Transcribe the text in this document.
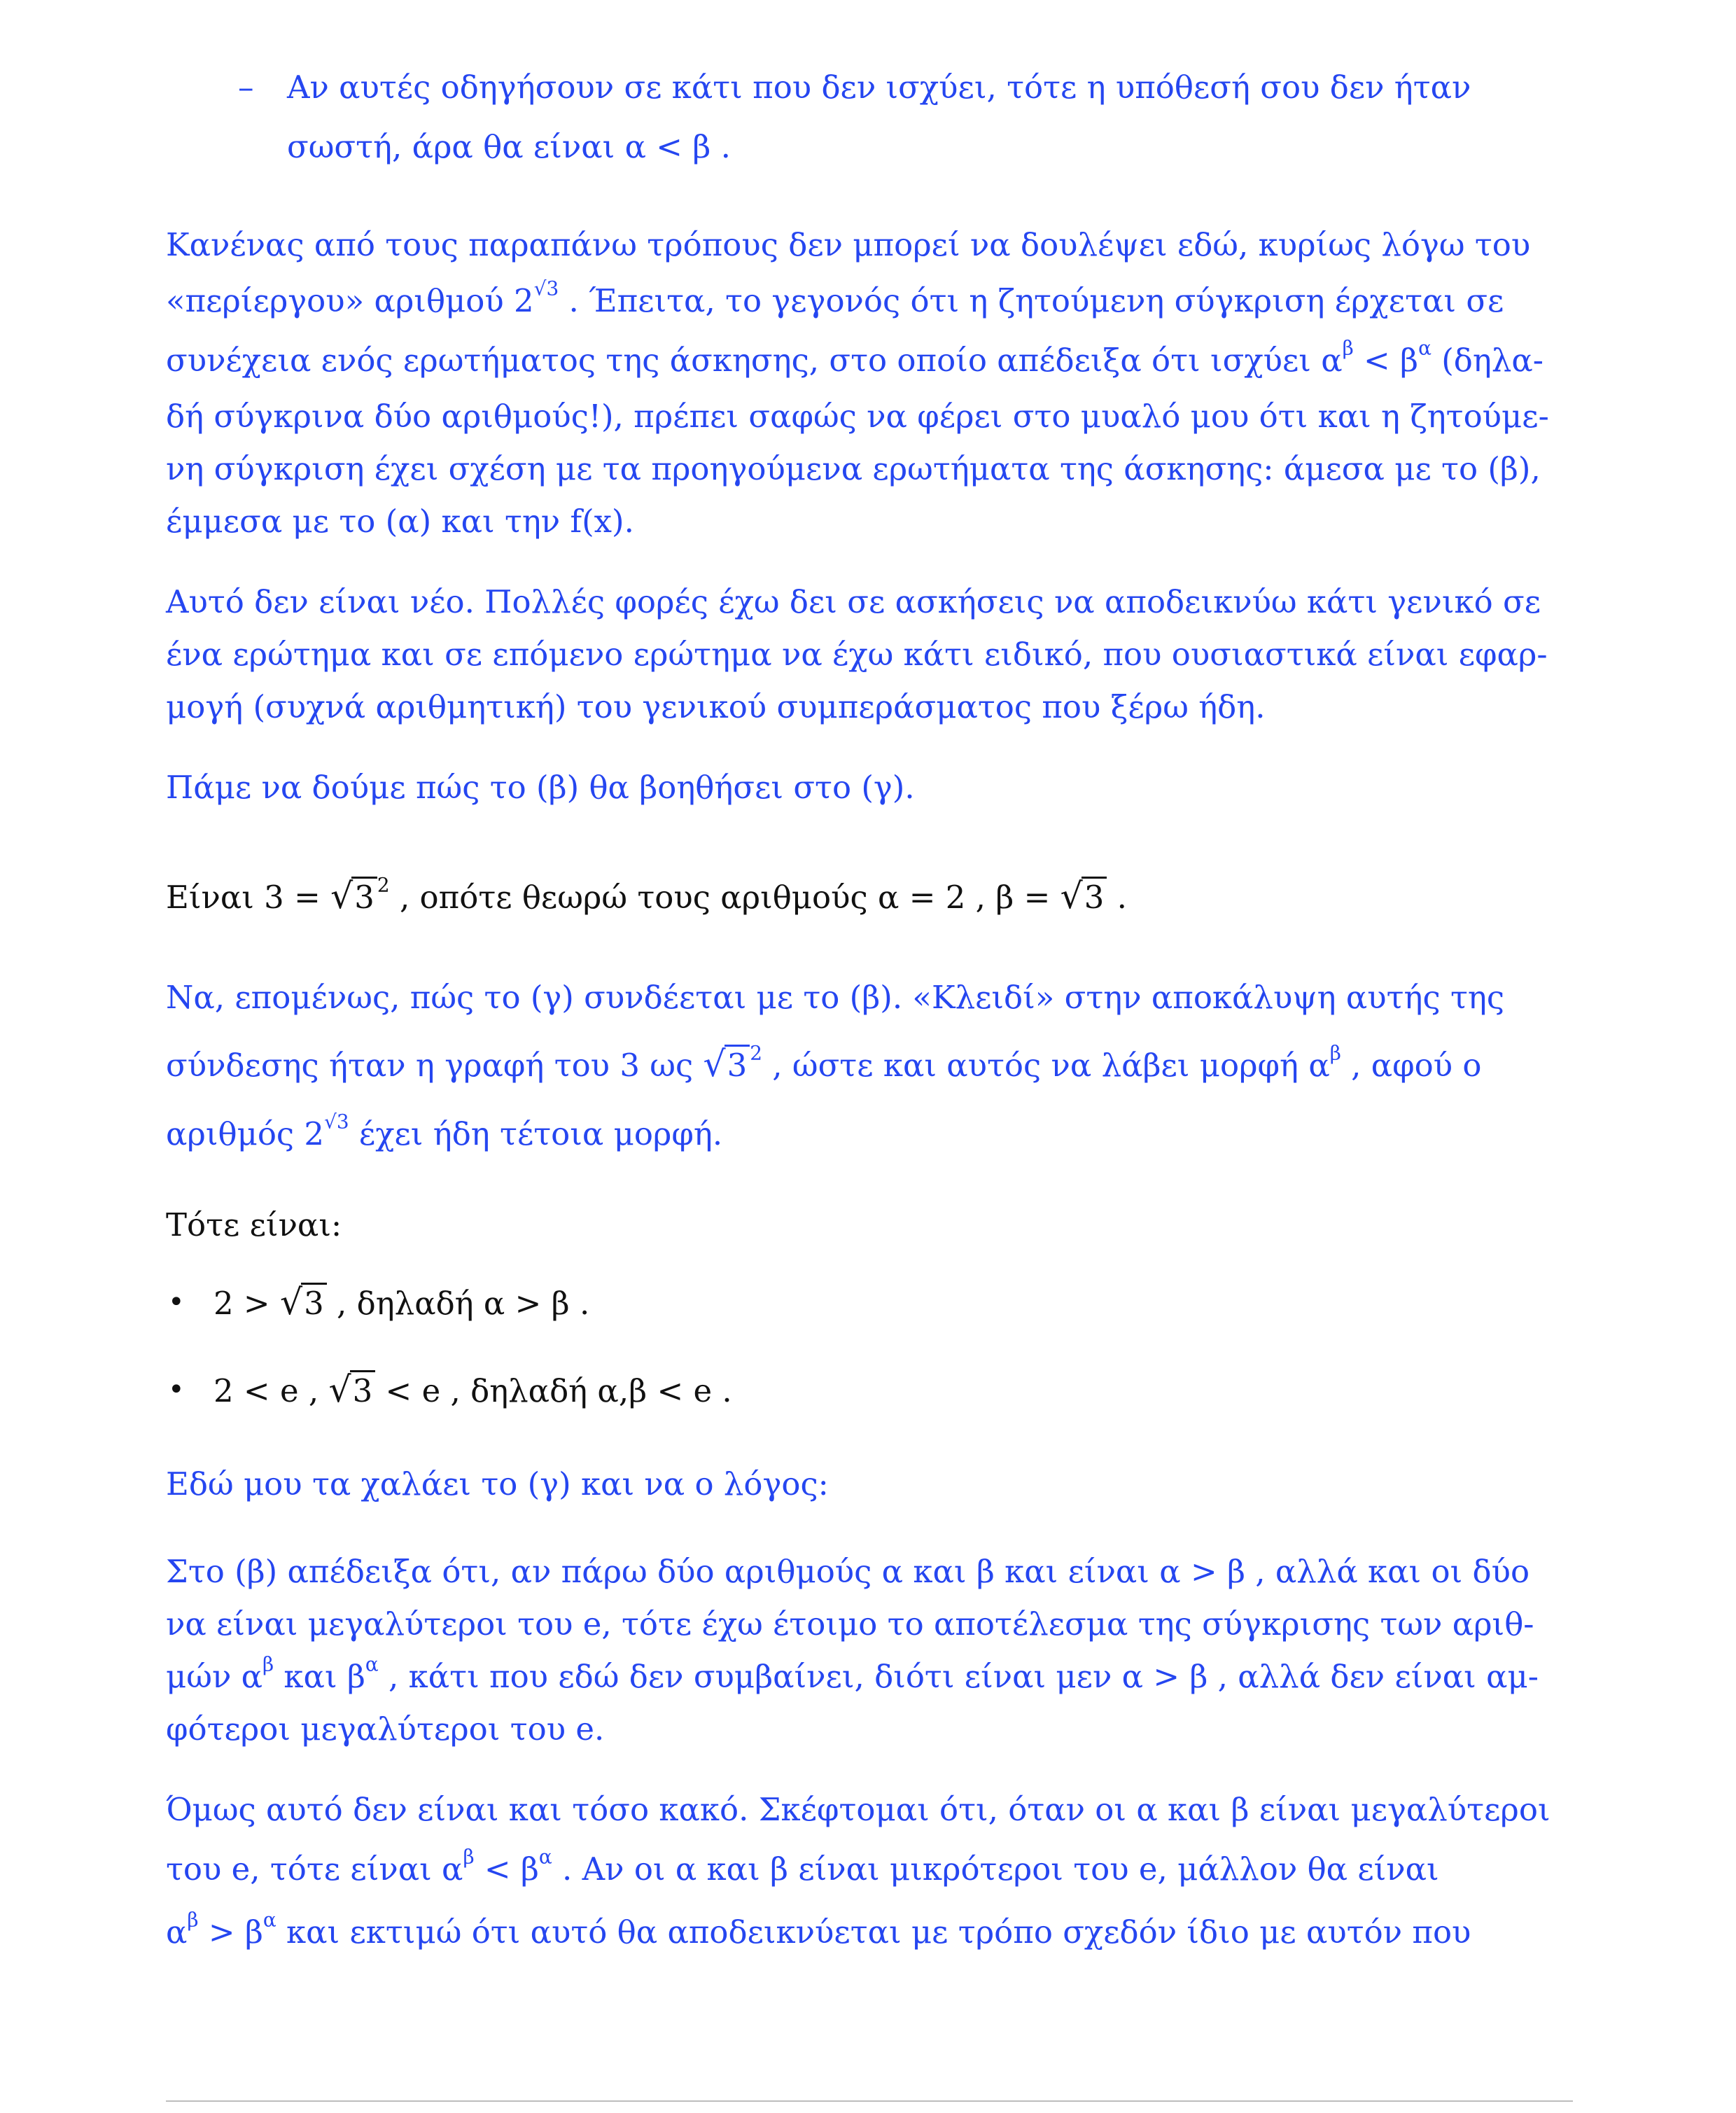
– Αν αυτές οδηγήσουν σε κάτι που δεν ισχύει, τότε η υπόθεσή σου δεν ήταν
σωστή, άρα θα είναι α < β .
Κανένας από τους παραπάνω τρόπους δεν μπορεί να δουλέψει εδώ, κυρίως λόγω του
«περίεργου» αριθμού $2^{√3}$ . Έπειτα, το γεγονός ότι η ζητούμενη σύγκριση έρχεται σε
συνέχεια ενός ερωτήματος της άσκησης, στο οποίο απέδειξα ότι ισχύει $\alpha^\beta < \beta^\alpha$ (δηλα-
δή σύγκρινα δύο αριθμούς!), πρέπει σαφώς να φέρει στο μυαλό μου ότι και η ζητούμε-
νη σύγκριση έχει σχέση με τα προηγούμενα ερωτήματα της άσκησης: άμεσα με το (β),
έμμεσα με το (α) και την f(x).
Αυτό δεν είναι νέο. Πολλές φορές έχω δει σε ασκήσεις να αποδεικνύω κάτι γενικό σε
ένα ερώτημα και σε επόμενο ερώτημα να έχω κάτι ειδικό, που ουσιαστικά είναι εφαρ-
μογή (συχνά αριθμητική) του γενικού συμπεράσματος που ξέρω ήδη.
Πάμε να δούμε πώς το (β) θα βοηθήσει στο (γ).
Είναι 3 = √3 $^2$ , οπότε θεωρώ τους αριθμούς α = 2 , β = √3 .
Να, επομένως, πώς το (γ) συνδέεται με το (β). «Κλειδί» στην αποκάλυψη αυτής της
σύνδεσης ήταν η γραφή του 3 ως √3 $^2$ , ώστε και αυτός να λάβει μορφή $\alpha^\beta$ , αφού ο
αριθμός $2^{√3}$ έχει ήδη τέτοια μορφή.
Τότε είναι:
• 2 > √3 , δηλαδή α > β .
• 2 < e , √3 < e , δηλαδή α,β < e .
Εδώ μου τα χαλάει το (γ) και να ο λόγος:
Στο (β) απέδειξα ότι, αν πάρω δύο αριθμούς α και β και είναι α > β , αλλά και οι δύο
να είναι μεγαλύτεροι του e, τότε έχω έτοιμο το αποτέλεσμα της σύγκρισης των αριθ-
μών $\alpha^\beta$ και $\beta^\alpha$ , κάτι που εδώ δεν συμβαίνει, διότι είναι μεν α > β , αλλά δεν είναι αμ-
φότεροι μεγαλύτεροι του e.
Όμως αυτό δεν είναι και τόσο κακό. Σκέφτομαι ότι, όταν οι α και β είναι μεγαλύτεροι
του e, τότε είναι $\alpha^\beta < \beta^\alpha$ . Αν οι α και β είναι μικρότεροι του e, μάλλον θα είναι
$\alpha^\beta > \beta^\alpha$ και εκτιμώ ότι αυτό θα αποδεικνύεται με τρόπο σχεδόν ίδιο με αυτόν που
